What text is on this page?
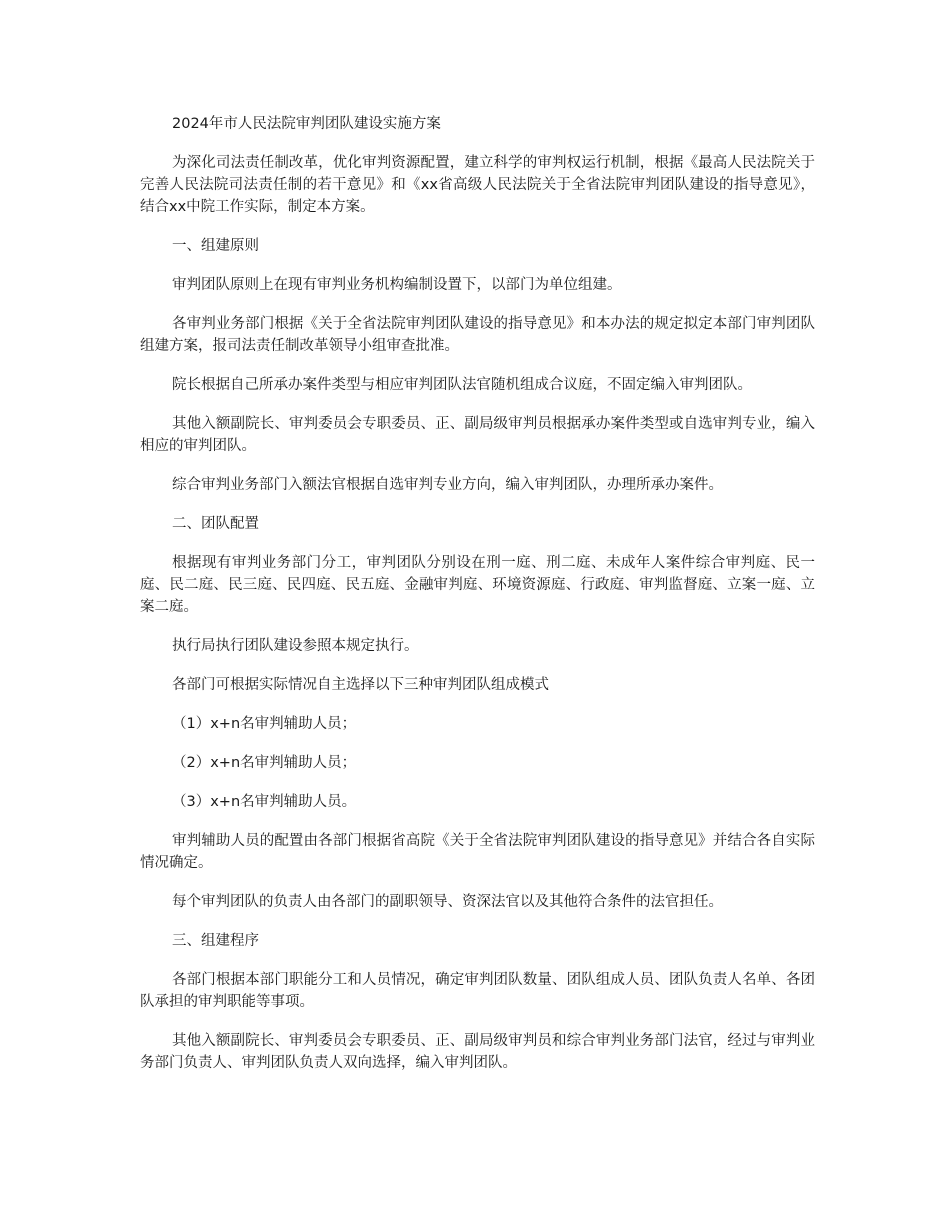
2024年市人民法院审判团队建设实施方案

为深化司法责任制改革，优化审判资源配置，建立科学的审判权运行机制，根据《最高人民法院关于完善人民法院司法责任制的若干意见》和《xx省高级人民法院关于全省法院审判团队建设的指导意见》，结合xx中院工作实际，制定本方案。

一、组建原则

审判团队原则上在现有审判业务机构编制设置下，以部门为单位组建。

各审判业务部门根据《关于全省法院审判团队建设的指导意见》和本办法的规定拟定本部门审判团队组建方案，报司法责任制改革领导小组审查批准。

院长根据自己所承办案件类型与相应审判团队法官随机组成合议庭，不固定编入审判团队。

其他入额副院长、审判委员会专职委员、正、副局级审判员根据承办案件类型或自选审判专业，编入相应的审判团队。

综合审判业务部门入额法官根据自选审判专业方向，编入审判团队，办理所承办案件。

二、团队配置

根据现有审判业务部门分工，审判团队分别设在刑一庭、刑二庭、未成年人案件综合审判庭、民一庭、民二庭、民三庭、民四庭、民五庭、金融审判庭、环境资源庭、行政庭、审判监督庭、立案一庭、立案二庭。

执行局执行团队建设参照本规定执行。

各部门可根据实际情况自主选择以下三种审判团队组成模式

（1）x+n名审判辅助人员；

（2）x+n名审判辅助人员；

（3）x+n名审判辅助人员。

审判辅助人员的配置由各部门根据省高院《关于全省法院审判团队建设的指导意见》并结合各自实际情况确定。

每个审判团队的负责人由各部门的副职领导、资深法官以及其他符合条件的法官担任。

三、组建程序

各部门根据本部门职能分工和人员情况，确定审判团队数量、团队组成人员、团队负责人名单、各团队承担的审判职能等事项。

其他入额副院长、审判委员会专职委员、正、副局级审判员和综合审判业务部门法官，经过与审判业务部门负责人、审判团队负责人双向选择，编入审判团队。
